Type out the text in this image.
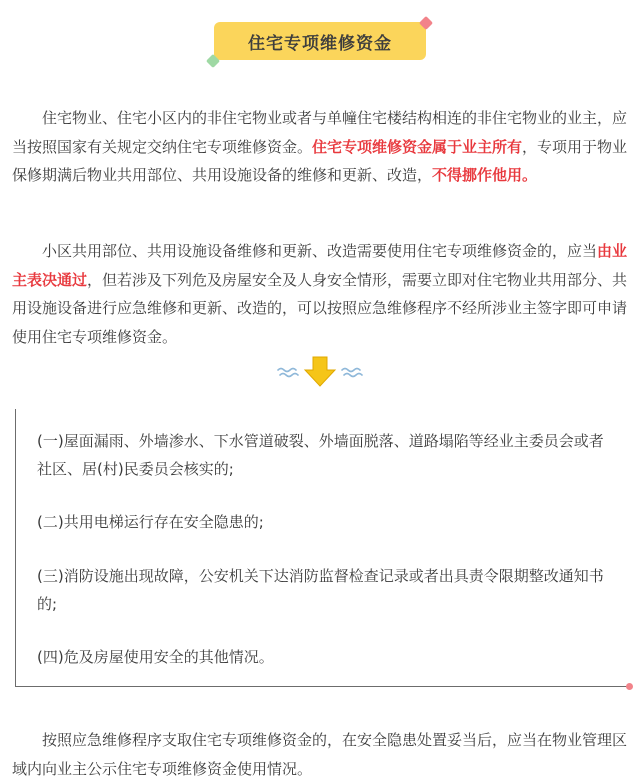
住宅专项维修资金

住宅物业、住宅小区内的非住宅物业或者与单幢住宅楼结构相连的非住宅物业的业主，应当按照国家有关规定交纳住宅专项维修资金。住宅专项维修资金属于业主所有，专项用于物业保修期满后物业共用部位、共用设施设备的维修和更新、改造，不得挪作他用。

小区共用部位、共用设施设备维修和更新、改造需要使用住宅专项维修资金的，应当由业主表决通过，但若涉及下列危及房屋安全及人身安全情形，需要立即对住宅物业共用部分、共用设施设备进行应急维修和更新、改造的，可以按照应急维修程序不经所涉业主签字即可申请使用住宅专项维修资金。

(一)屋面漏雨、外墙渗水、下水管道破裂、外墙面脱落、道路塌陷等经业主委员会或者社区、居(村)民委员会核实的;

(二)共用电梯运行存在安全隐患的;

(三)消防设施出现故障，公安机关下达消防监督检查记录或者出具责令限期整改通知书的;

(四)危及房屋使用安全的其他情况。

按照应急维修程序支取住宅专项维修资金的，在安全隐患处置妥当后，应当在物业管理区域内向业主公示住宅专项维修资金使用情况。
